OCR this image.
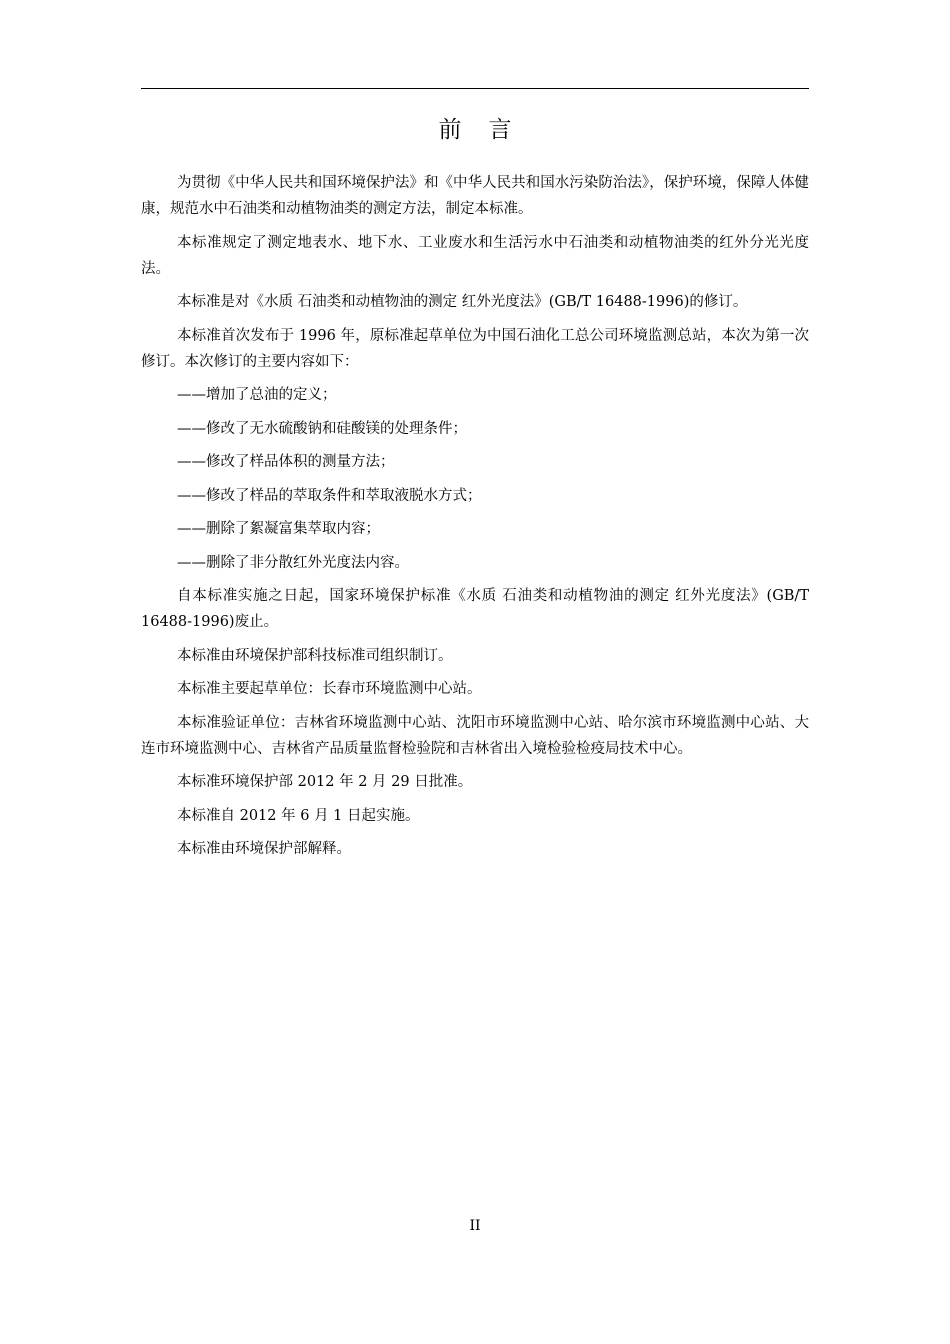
前 言

为贯彻《中华人民共和国环境保护法》和《中华人民共和国水污染防治法》，保护环境，保障人体健康，规范水中石油类和动植物油类的测定方法，制定本标准。

本标准规定了测定地表水、地下水、工业废水和生活污水中石油类和动植物油类的红外分光光度法。

本标准是对《水质 石油类和动植物油的测定 红外光度法》(GB/T 16488-1996)的修订。

本标准首次发布于 1996 年，原标准起草单位为中国石油化工总公司环境监测总站，本次为第一次修订。本次修订的主要内容如下：

——增加了总油的定义；

——修改了无水硫酸钠和硅酸镁的处理条件；

——修改了样品体积的测量方法；

——修改了样品的萃取条件和萃取液脱水方式；

——删除了絮凝富集萃取内容；

——删除了非分散红外光度法内容。

自本标准实施之日起，国家环境保护标准《水质 石油类和动植物油的测定 红外光度法》(GB/T 16488-1996)废止。

本标准由环境保护部科技标准司组织制订。

本标准主要起草单位：长春市环境监测中心站。

本标准验证单位：吉林省环境监测中心站、沈阳市环境监测中心站、哈尔滨市环境监测中心站、大连市环境监测中心、吉林省产品质量监督检验院和吉林省出入境检验检疫局技术中心。

本标准环境保护部 2012 年 2 月 29 日批准。

本标准自 2012 年 6 月 1 日起实施。

本标准由环境保护部解释。

II
